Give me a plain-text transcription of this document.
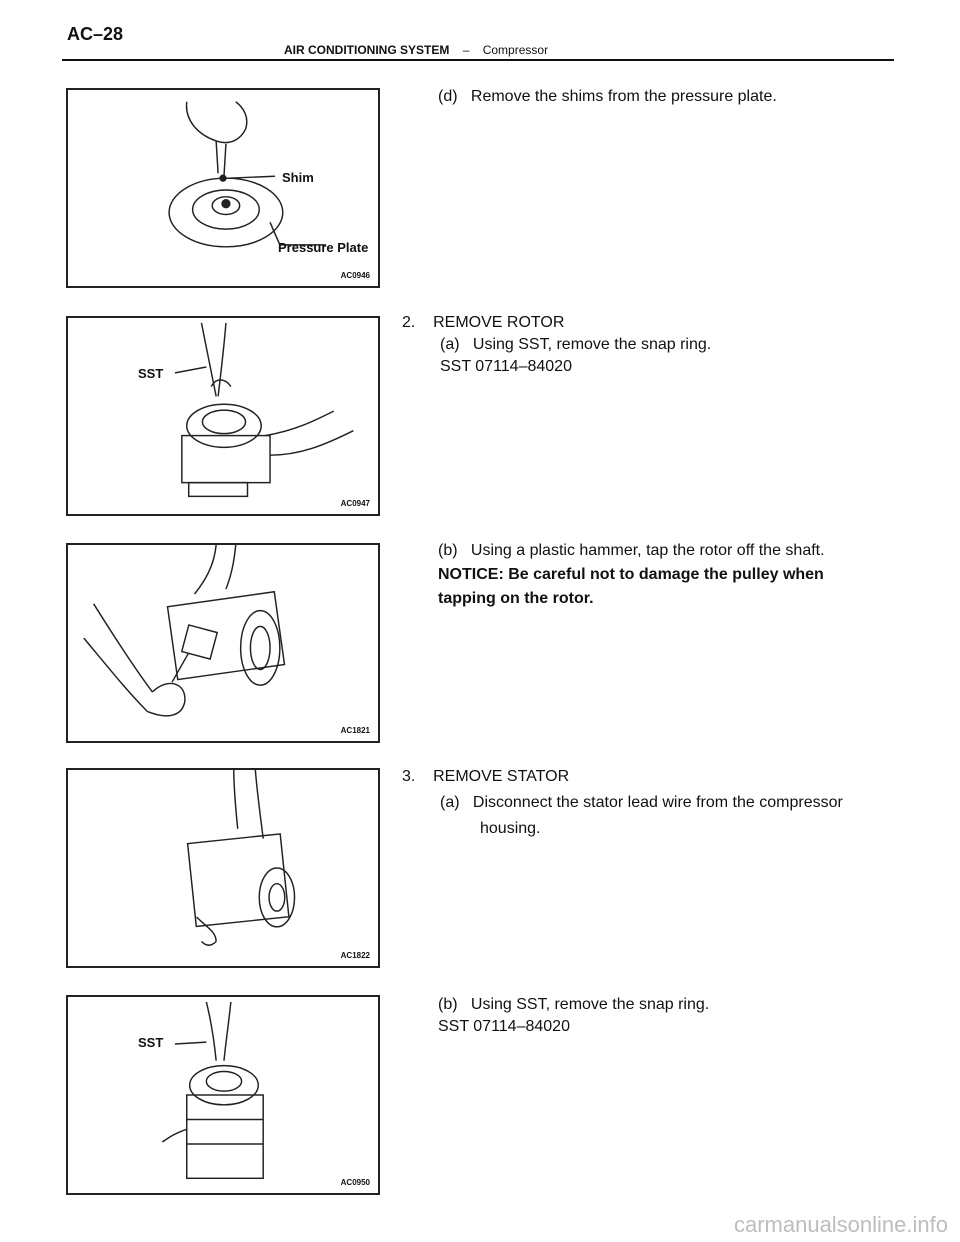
AC–28
AIR CONDITIONING SYSTEM – Compressor
Shim
Pressure Plate
AC0946
SST
AC0947
AC1821
AC1822
SST
AC0950
(d)   Remove the shims from the pressure plate.
2.    REMOVE ROTOR
(a)   Using SST, remove the snap ring.
SST 07114–84020
(b)   Using a plastic hammer, tap the rotor off the shaft.
NOTICE: Be careful not to damage the pulley when
tapping on the rotor.
3.    REMOVE STATOR
(a)   Disconnect the stator lead wire from the compressor
housing.
(b)   Using SST, remove the snap ring.
SST 07114–84020
carmanualsonline.info
